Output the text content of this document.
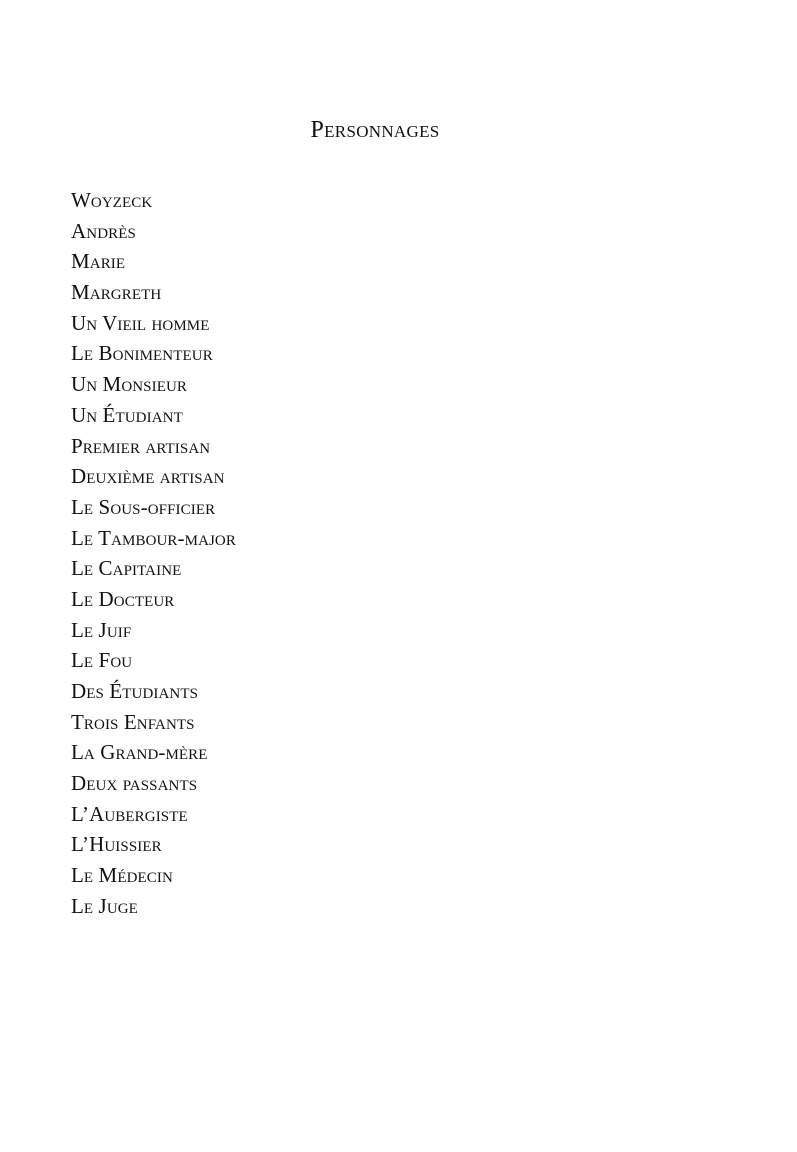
Personnages
Woyzeck
Andrès
Marie
Margreth
Un Vieil homme
Le Bonimenteur
Un Monsieur
Un Étudiant
Premier artisan
Deuxième artisan
Le Sous-officier
Le Tambour-major
Le Capitaine
Le Docteur
Le Juif
Le Fou
Des Étudiants
Trois Enfants
La Grand-mère
Deux passants
L’Aubergiste
L’Huissier
Le Médecin
Le Juge
